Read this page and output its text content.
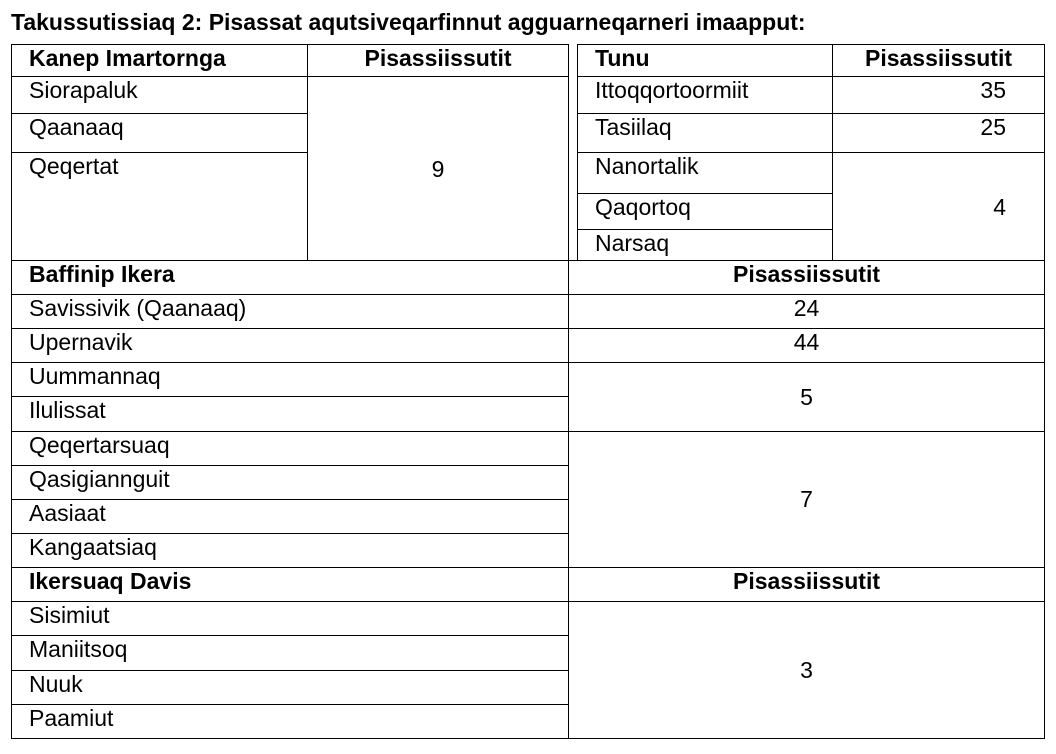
Takussutissiaq 2: Pisassat aqutsiveqarfinnut agguarneqarneri imaapput:
Kanep Imartornga	Pisassiissutit		Tunu	Pisassiissutit
Siorapaluk	9		Ittoqqortoormiit	35
Qaanaaq			Tasiilaq	25
Qeqertat			Nanortalik	4
			Qaqortoq	
			Narsaq	
Baffinip Ikera		Pisassiissutit		
Savissivik (Qaanaaq)		24		
Upernavik		44		
Uummannaq		5		
Ilulissat				
Qeqertarsuaq		7		
Qasigiannguit				
Aasiaat				
Kangaatsiaq				
Ikersuaq Davis		Pisassiissutit		
Sisimiut		3		
Maniitsoq				
Nuuk				
Paamiut				
